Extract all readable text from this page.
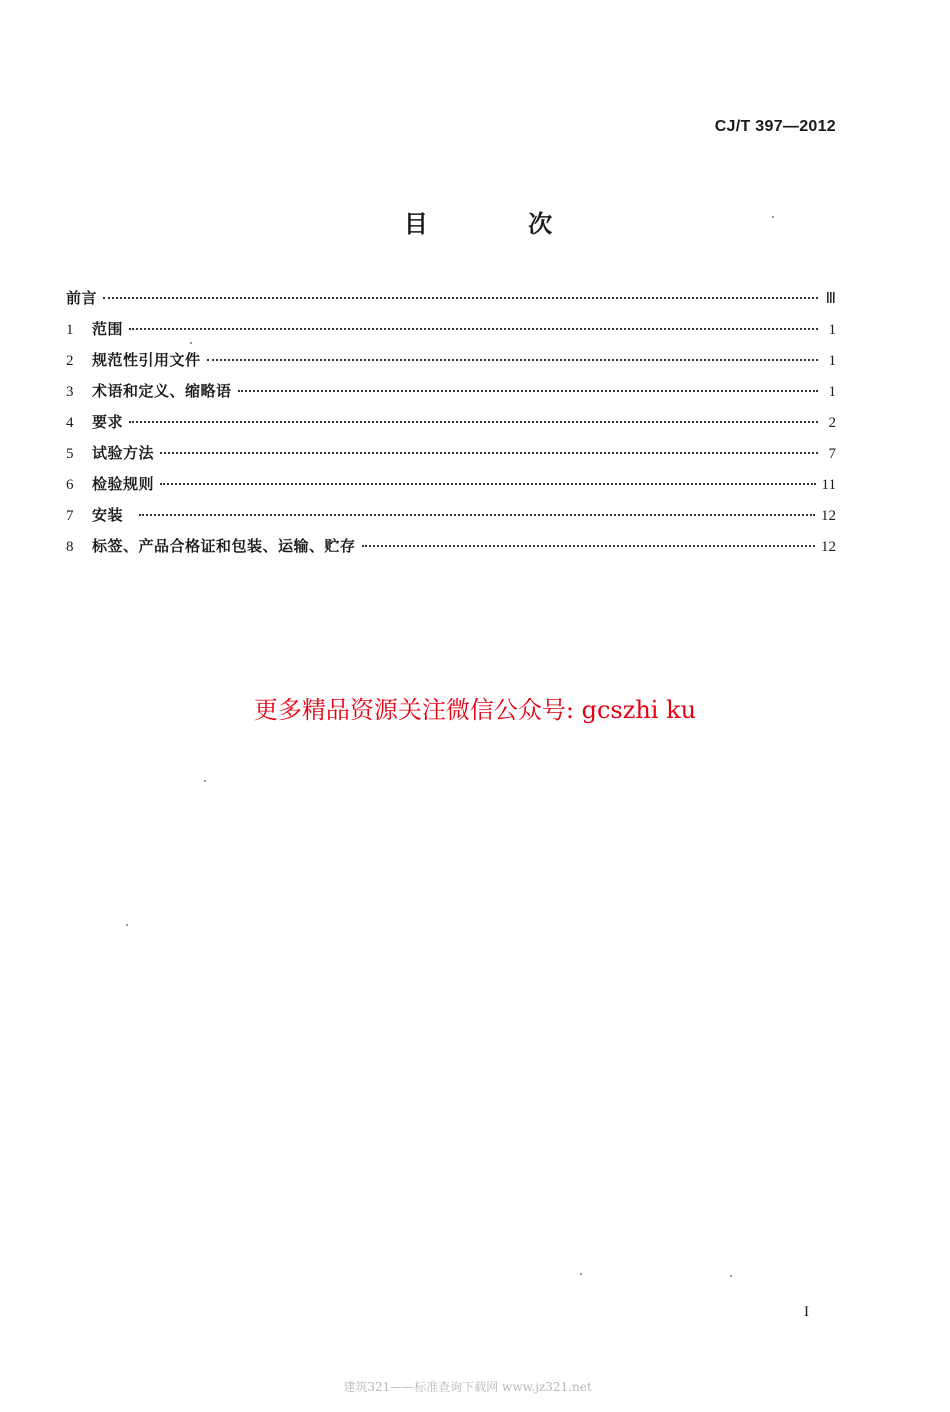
CJ/T 397—2012
目 次
前言	Ⅲ
1	范围	1
2	规范性引用文件	1
3	术语和定义、缩略语	1
4	要求	2
5	试验方法	7
6	检验规则	11
7	安装	12
8	标签、产品合格证和包装、运输、贮存	12
更多精品资源关注微信公众号: gcszhi ku
I
建筑321——标准查询下载网 www.jz321.net
